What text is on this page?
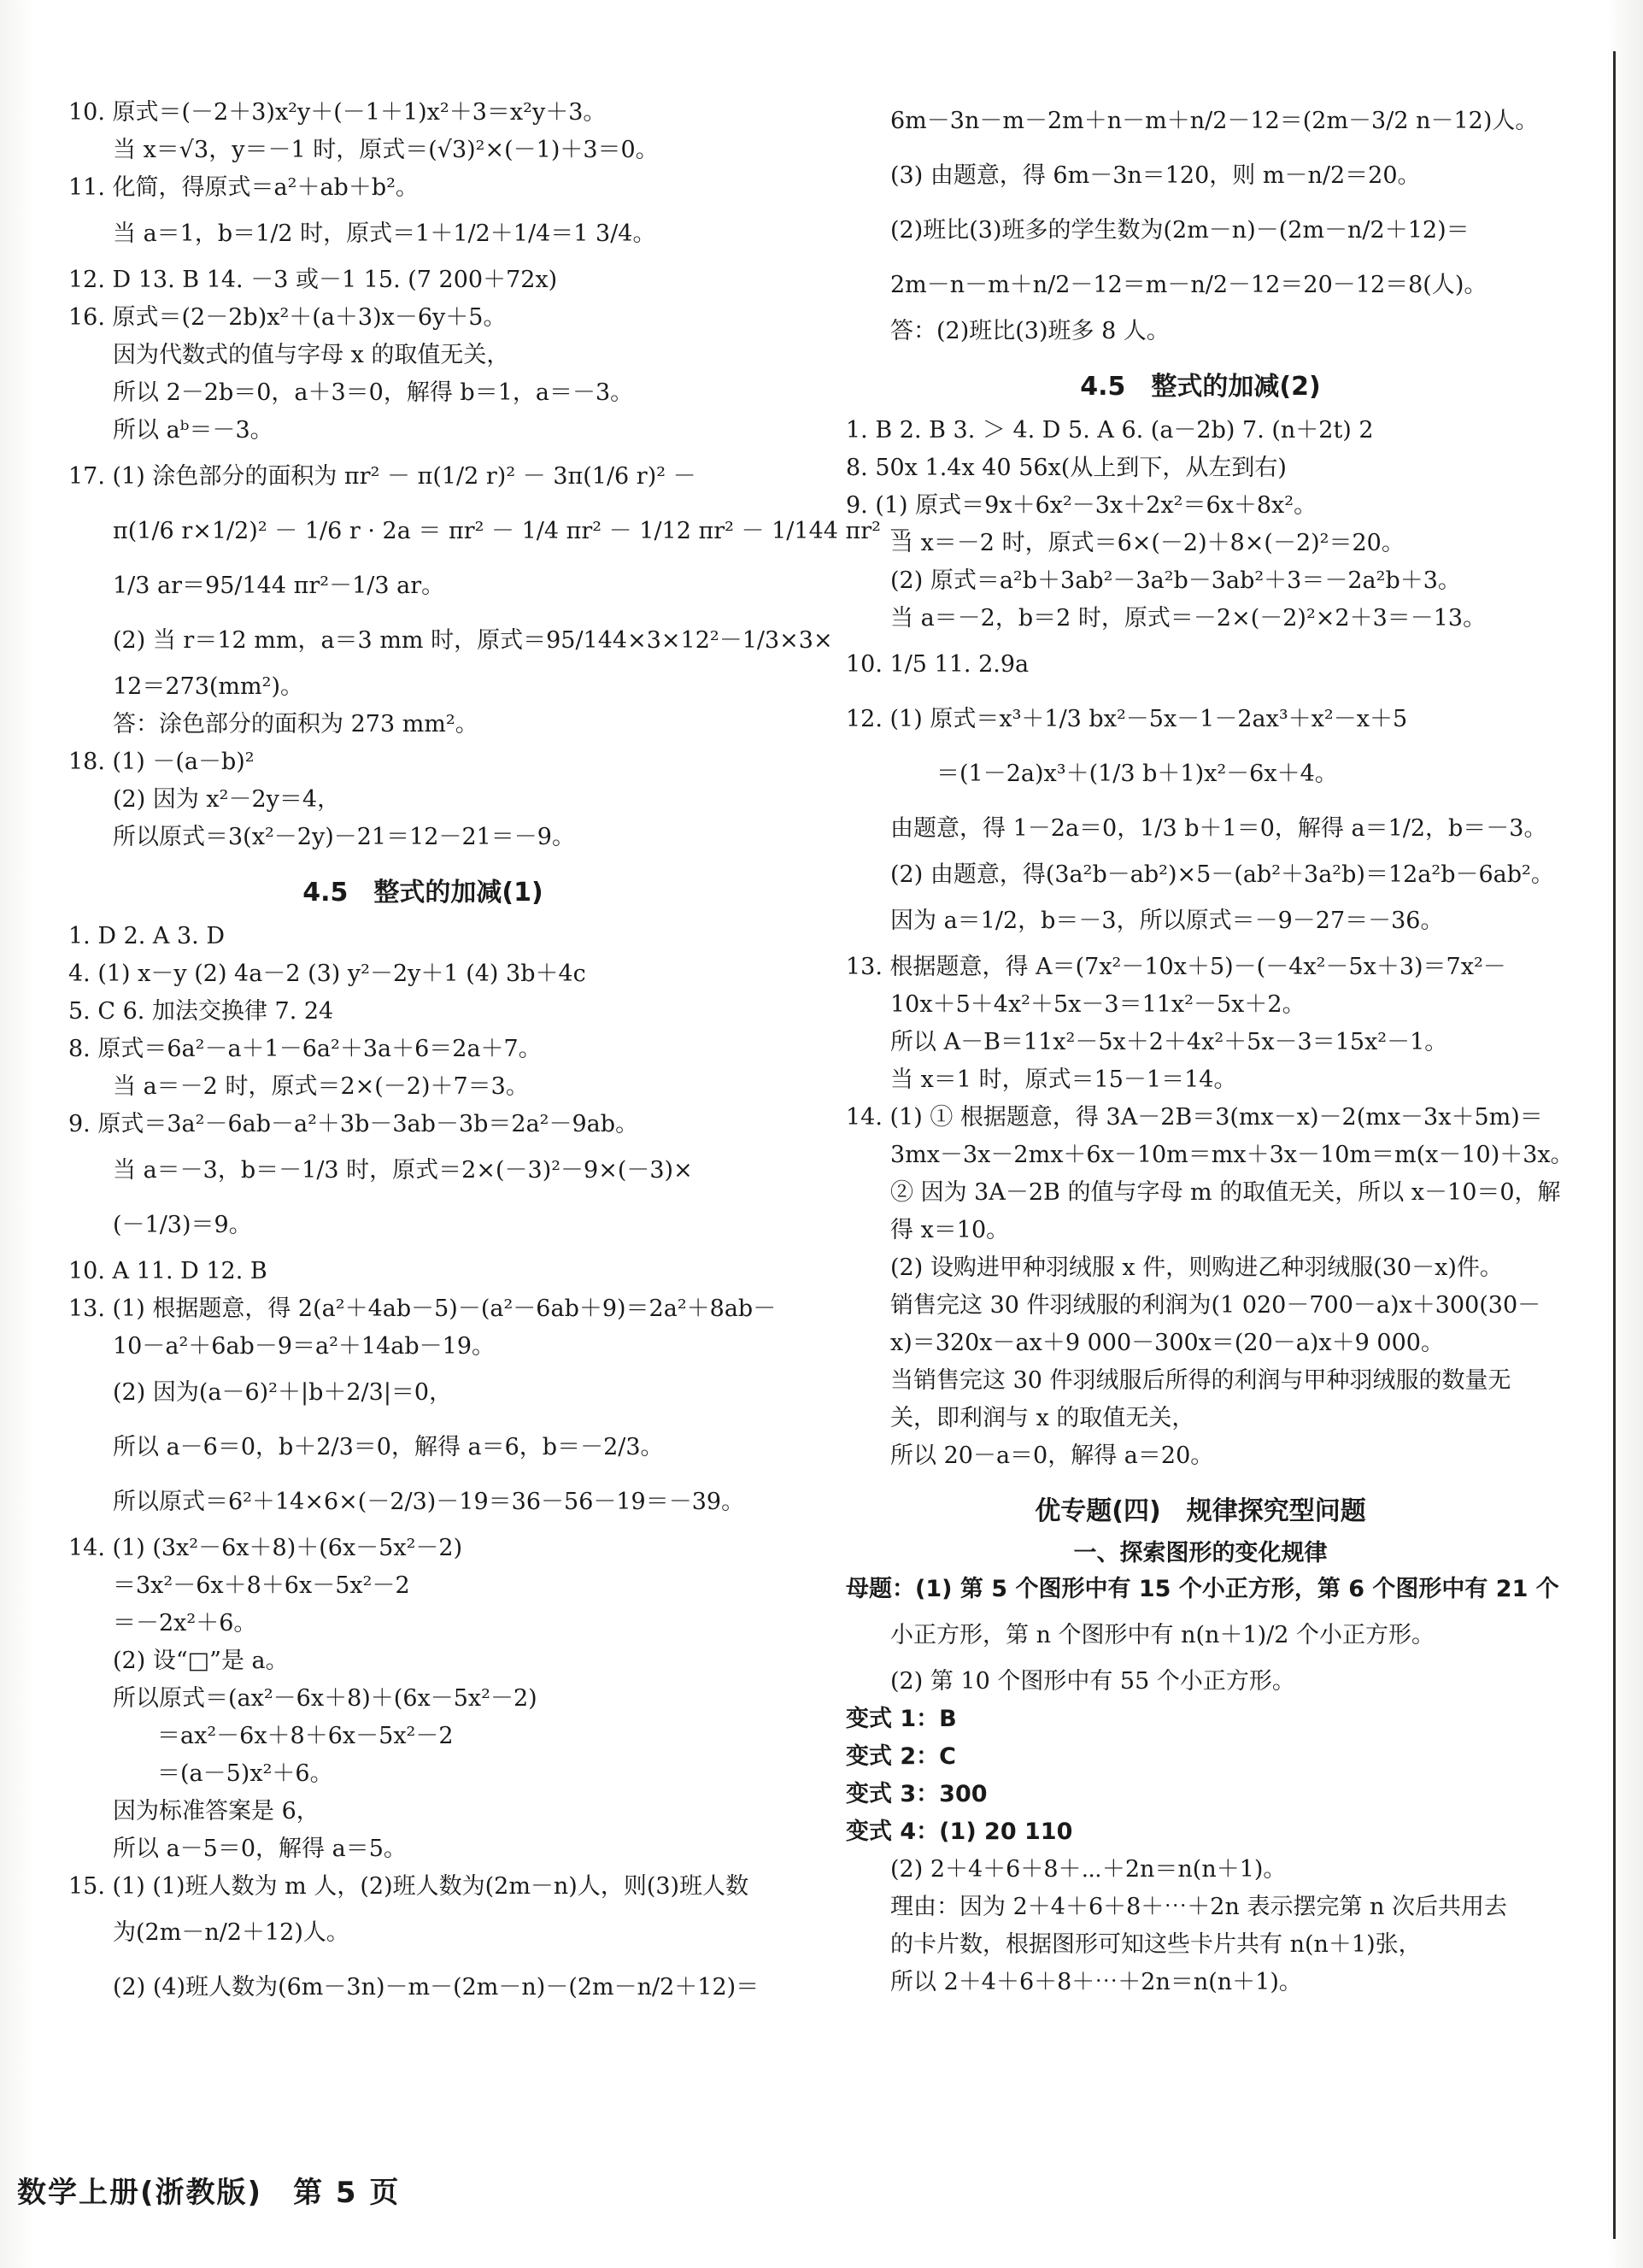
10. 原式＝(－2＋3)x²y＋(－1＋1)x²＋3＝x²y＋3。
当 x＝√3，y＝－1 时，原式＝(√3)²×(－1)＋3＝0。
11. 化简，得原式＝a²＋ab＋b²。
当 a＝1，b＝1/2 时，原式＝1＋1/2＋1/4＝1 3/4。
12. D 13. B 14. －3 或－1 15. (7 200＋72x)
16. 原式＝(2－2b)x²＋(a＋3)x－6y＋5。
因为代数式的值与字母 x 的取值无关，
所以 2－2b＝0，a＋3＝0，解得 b＝1，a＝－3。
所以 aᵇ＝－3。
17. (1) 涂色部分的面积为 πr² － π(1/2 r)² － 3π(1/6 r)² －
π(1/6 r×1/2)² － 1/6 r · 2a ＝ πr² － 1/4 πr² － 1/12 πr² － 1/144 πr² －
1/3 ar＝95/144 πr²－1/3 ar。
(2) 当 r＝12 mm，a＝3 mm 时，原式＝95/144×3×12²－1/3×3×
12＝273(mm²)。
答：涂色部分的面积为 273 mm²。
18. (1) －(a－b)²
(2) 因为 x²－2y＝4，
所以原式＝3(x²－2y)－21＝12－21＝－9。
4.5　整式的加减(1)
1. D 2. A 3. D
4. (1) x－y (2) 4a－2 (3) y²－2y＋1 (4) 3b＋4c
5. C 6. 加法交换律 7. 24
8. 原式＝6a²－a＋1－6a²＋3a＋6＝2a＋7。
当 a＝－2 时，原式＝2×(－2)＋7＝3。
9. 原式＝3a²－6ab－a²＋3b－3ab－3b＝2a²－9ab。
当 a＝－3，b＝－1/3 时，原式＝2×(－3)²－9×(－3)×
(－1/3)＝9。
10. A 11. D 12. B
13. (1) 根据题意，得 2(a²＋4ab－5)－(a²－6ab＋9)＝2a²＋8ab－
10－a²＋6ab－9＝a²＋14ab－19。
(2) 因为(a－6)²＋|b＋2/3|＝0，
所以 a－6＝0，b＋2/3＝0，解得 a＝6，b＝－2/3。
所以原式＝6²＋14×6×(－2/3)－19＝36－56－19＝－39。
14. (1) (3x²－6x＋8)＋(6x－5x²－2)
＝3x²－6x＋8＋6x－5x²－2
＝－2x²＋6。
(2) 设“□”是 a。
所以原式＝(ax²－6x＋8)＋(6x－5x²－2)
＝ax²－6x＋8＋6x－5x²－2
＝(a－5)x²＋6。
因为标准答案是 6，
所以 a－5＝0，解得 a＝5。
15. (1) (1)班人数为 m 人，(2)班人数为(2m－n)人，则(3)班人数
为(2m－n/2＋12)人。
(2) (4)班人数为(6m－3n)－m－(2m－n)－(2m－n/2＋12)＝
6m－3n－m－2m＋n－m＋n/2－12＝(2m－3/2 n－12)人。
(3) 由题意，得 6m－3n＝120，则 m－n/2＝20。
(2)班比(3)班多的学生数为(2m－n)－(2m－n/2＋12)＝
2m－n－m＋n/2－12＝m－n/2－12＝20－12＝8(人)。
答：(2)班比(3)班多 8 人。
4.5　整式的加减(2)
1. B 2. B 3. ＞ 4. D 5. A 6. (a－2b) 7. (n＋2t) 2
8. 50x 1.4x 40 56x(从上到下，从左到右)
9. (1) 原式＝9x＋6x²－3x＋2x²＝6x＋8x²。
当 x＝－2 时，原式＝6×(－2)＋8×(－2)²＝20。
(2) 原式＝a²b＋3ab²－3a²b－3ab²＋3＝－2a²b＋3。
当 a＝－2，b＝2 时，原式＝－2×(－2)²×2＋3＝－13。
10. 1/5 11. 2.9a
12. (1) 原式＝x³＋1/3 bx²－5x－1－2ax³＋x²－x＋5
　　＝(1－2a)x³＋(1/3 b＋1)x²－6x＋4。
由题意，得 1－2a＝0，1/3 b＋1＝0，解得 a＝1/2，b＝－3。
(2) 由题意，得(3a²b－ab²)×5－(ab²＋3a²b)＝12a²b－6ab²。
因为 a＝1/2，b＝－3，所以原式＝－9－27＝－36。
13. 根据题意，得 A＝(7x²－10x＋5)－(－4x²－5x＋3)＝7x²－
10x＋5＋4x²＋5x－3＝11x²－5x＋2。
所以 A－B＝11x²－5x＋2＋4x²＋5x－3＝15x²－1。
当 x＝1 时，原式＝15－1＝14。
14. (1) ① 根据题意，得 3A－2B＝3(mx－x)－2(mx－3x＋5m)＝
3mx－3x－2mx＋6x－10m＝mx＋3x－10m＝m(x－10)＋3x。
② 因为 3A－2B 的值与字母 m 的取值无关，所以 x－10＝0，解
得 x＝10。
(2) 设购进甲种羽绒服 x 件，则购进乙种羽绒服(30－x)件。
销售完这 30 件羽绒服的利润为(1 020－700－a)x＋300(30－
x)＝320x－ax＋9 000－300x＝(20－a)x＋9 000。
当销售完这 30 件羽绒服后所得的利润与甲种羽绒服的数量无
关，即利润与 x 的取值无关，
所以 20－a＝0，解得 a＝20。
优专题(四)　规律探究型问题
一、探索图形的变化规律
母题：(1) 第 5 个图形中有 15 个小正方形，第 6 个图形中有 21 个
小正方形，第 n 个图形中有 n(n＋1)/2 个小正方形。
(2) 第 10 个图形中有 55 个小正方形。
变式 1：B
变式 2：C
变式 3：300
变式 4：(1) 20 110
(2) 2＋4＋6＋8＋⋯＋2n＝n(n＋1)。
理由：因为 2＋4＋6＋8＋⋯＋2n 表示摆完第 n 次后共用去
的卡片数，根据图形可知这些卡片共有 n(n＋1)张，
所以 2＋4＋6＋8＋⋯＋2n＝n(n＋1)。
数学上册(浙教版)　第 5 页
